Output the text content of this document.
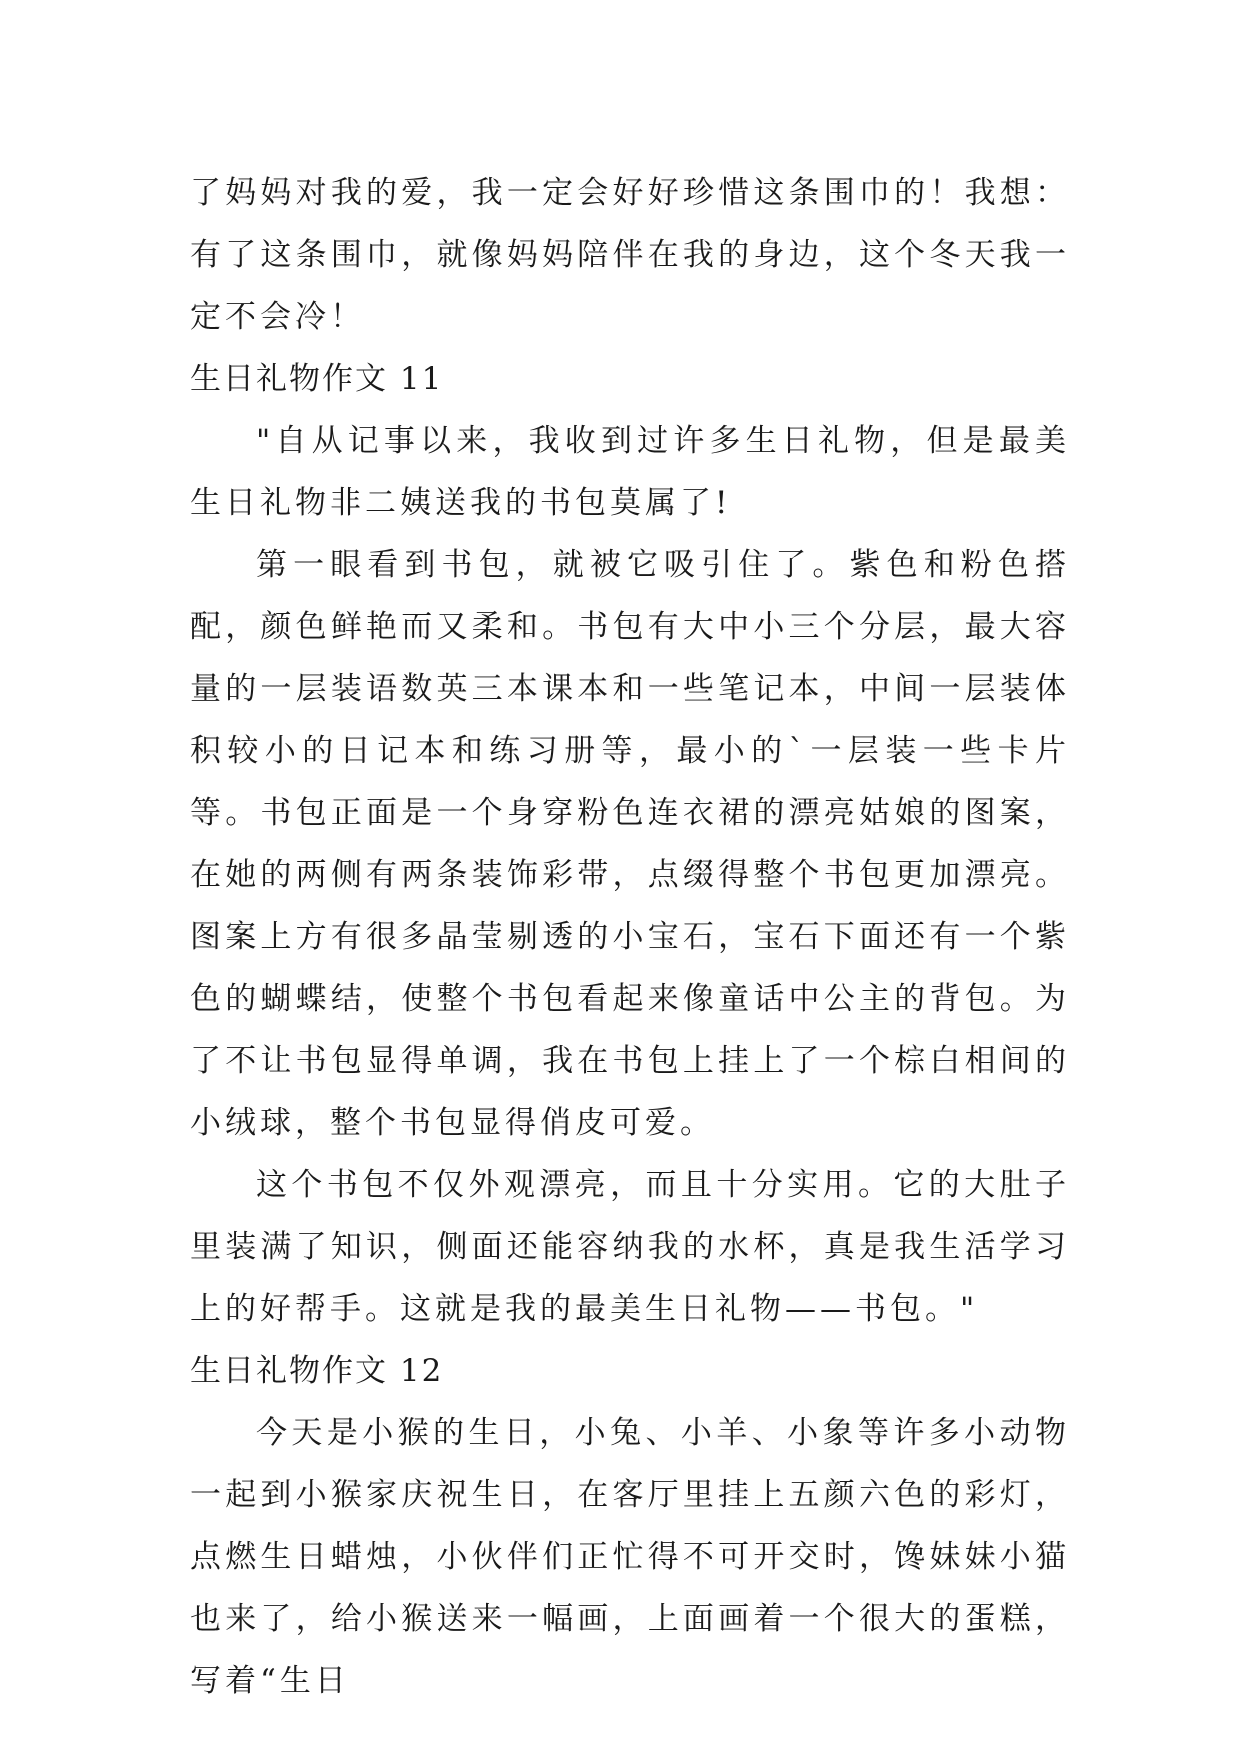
了妈妈对我的爱，我一定会好好珍惜这条围巾的！我想：有了这条围巾，就像妈妈陪伴在我的身边，这个冬天我一定不会冷！

生日礼物作文 11

"自从记事以来，我收到过许多生日礼物，但是最美生日礼物非二姨送我的书包莫属了!

第一眼看到书包，就被它吸引住了。紫色和粉色搭配，颜色鲜艳而又柔和。书包有大中小三个分层，最大容量的一层装语数英三本课本和一些笔记本，中间一层装体积较小的日记本和练习册等，最小的`一层装一些卡片等。书包正面是一个身穿粉色连衣裙的漂亮姑娘的图案，在她的两侧有两条装饰彩带，点缀得整个书包更加漂亮。图案上方有很多晶莹剔透的小宝石，宝石下面还有一个紫色的蝴蝶结，使整个书包看起来像童话中公主的背包。为了不让书包显得单调，我在书包上挂上了一个棕白相间的小绒球，整个书包显得俏皮可爱。

这个书包不仅外观漂亮，而且十分实用。它的大肚子里装满了知识，侧面还能容纳我的水杯，真是我生活学习上的好帮手。这就是我的最美生日礼物——书包。"

生日礼物作文 12

今天是小猴的生日，小兔、小羊、小象等许多小动物一起到小猴家庆祝生日，在客厅里挂上五颜六色的彩灯，点燃生日蜡烛，小伙伴们正忙得不可开交时，馋妹妹小猫也来了，给小猴送来一幅画，上面画着一个很大的蛋糕，写着“生日
